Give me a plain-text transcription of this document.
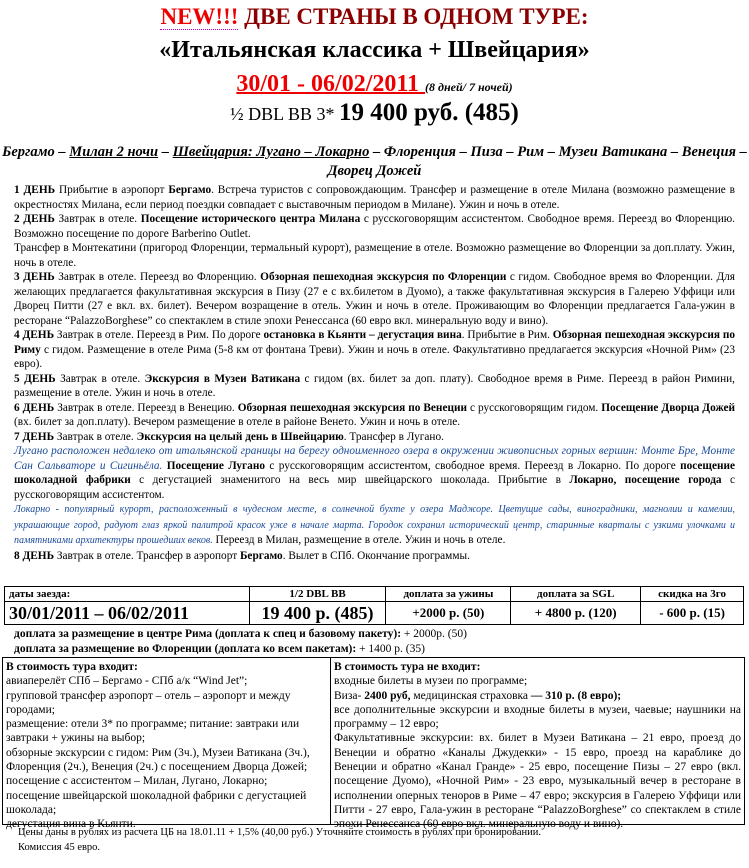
NEW!!! ДВЕ СТРАНЫ В ОДНОМ ТУРЕ:
«Итальянская классика + Швейцария»
30/01 - 06/02/2011 (8 дней/ 7 ночей)
½ DBL BB 3* 19 400 руб. (485)
Бергамо – Милан 2 ночи – Швейцария: Лугано – Локарно – Флоренция – Пиза – Рим – Музеи Ватикана – Венеция – Дворец Дожей

1 ДЕНЬ Прибытие в аэропорт Бергамо. Встреча туристов с сопровождающим. Трансфер и размещение в отеле Милана (возможно размещение в окрестностях Милана, если период поездки совпадает с выставочным периодом в Милане). Ужин и ночь в отеле.

2 ДЕНЬ Завтрак в отеле. Посещение исторического центра Милана с русскоговорящим ассистентом. Свободное время. Переезд во Флоренцию. Возможно посещение по дороге Barberino Outlet.

Трансфер в Монтекатини (пригород Флоренции, термальный курорт), размещение в отеле. Возможно размещение во Флоренции за доп.плату. Ужин, ночь в отеле.

3 ДЕНЬ Завтрак в отеле. Переезд во Флоренцию. Обзорная пешеходная экскурсия по Флоренции с гидом. Свободное время во Флоренции. Для желающих предлагается факультативная экскурсия в Пизу (27 е с вх.билетом в Дуомо), а также факультативная экскурсия в Галерею Уффици или Дворец Питти (27 е вкл. вх. билет). Вечером возращение в отель. Ужин и ночь в отеле. Проживающим во Флоренции предлагается Гала-ужин в ресторане “PalazzoBorghese” со спектаклем в стиле эпохи Ренессанса (60 евро вкл. минеральную воду и вино).

4 ДЕНЬ Завтрак в отеле. Переезд в Рим. По дороге остановка в Кьянти – дегустация вина. Прибытие в Рим. Обзорная пешеходная экскурсия по Риму с гидом. Размещение в отеле Рима (5-8 км от фонтана Треви). Ужин и ночь в отеле. Факультативно предлагается экскурсия «Ночной Рим» (23 евро).

5 ДЕНЬ Завтрак в отеле. Экскурсия в Музеи Ватикана с гидом (вх. билет за доп. плату). Свободное время в Риме. Переезд в район Римини, размещение в отеле. Ужин и ночь в отеле.

6 ДЕНЬ Завтрак в отеле. Переезд в Венецию. Обзорная пешеходная экскурсия по Венеции с русскоговорящим гидом. Посещение Дворца Дожей (вх. билет за доп.плату). Вечером размещение в отеле в районе Венето. Ужин и ночь в отеле.

7 ДЕНЬ Завтрак в отеле. Экскурсия на целый день в Швейцарию. Трансфер в Лугано.

Лугано расположен недалеко от итальянской границы на берегу одноименного озера в окружении живописных горных вершин: Монте Бре, Монте Сан Сальваторе и Сигиньёла. Посещение Лугано с русскоговорящим ассистентом, свободное время. Переезд в Локарно. По дороге посещение шоколадной фабрики с дегустацией знаменитого на весь мир швейцарского шоколада. Прибытие в Локарно, посещение города с русскоговорящим ассистентом.

Локарно - популярный курорт, расположенный в чудесном месте, в солнечной бухте у озера Маджоре. Цветущие сады, виноградники, магнолии и камелии, украшающие город, радуют глаз яркой палитрой красок уже в начале марта. Городок сохранил исторический центр, старинные кварталы с узкими улочками и памятниками архитектуры прошедших веков. Переезд в Милан, размещение в отеле. Ужин и ночь в отеле.

8 ДЕНЬ Завтрак в отеле. Трансфер в аэропорт Бергамо. Вылет в СПб. Окончание программы.

даты заезда:	1/2 DBL BB	доплата за ужины	доплата за SGL	скидка на 3го
30/01/2011 – 06/02/2011	19 400 р. (485)	+2000 р. (50)	+ 4800 р. (120)	- 600 р. (15)
доплата за размещение в центре Рима (доплата к спец и базовому пакету): + 2000р. (50)
доплата за размещение во Флоренции (доплата ко всем пакетам): + 1400 р. (35)
В стоимость тура входит:
авиаперелёт СПб – Бергамо - СПб а/к “Wind Jet”;
групповой трансфер аэропорт – отель – аэропорт и между городами;
размещение: отели 3* по программе; питание: завтраки или завтраки + ужины на выбор;
обзорные экскурсии с гидом: Рим (3ч.), Музеи Ватикана (3ч.), Флоренция (2ч.), Венеция (2ч.) с посещением Дворца Дожей;
посещение с ассистентом – Милан, Лугано, Локарно;
посещение швейцарской шоколадной фабрики с дегустацией шоколада;
дегустация вина в Кьянти.
В стоимость тура не входит:
входные билеты в музеи по программе;
Виза- 2400 руб, медицинская страховка — 310 р. (8 евро);
все дополнительные экскурсии и входные билеты в музеи, чаевые; наушники на программу – 12 евро;
Факультативные экскурсии: вх. билет в Музеи Ватикана – 21 евро, проезд до Венеции и обратно «Каналы Джудекки» - 15 евро, проезд на караблике до Венеции и обратно «Канал Гранде» - 25 евро, посещение Пизы – 27 евро (вкл. посещение Дуомо), «Ночной Рим» - 23 евро, музыкальный вечер в ресторане в исполнении оперных теноров в Риме – 47 евро; экскурсия в Галерею Уффици или Питти - 27 евро, Гала-ужин в ресторане “PalazzoBorghese” со спектаклем в стиле эпохи Ренессанса (60 евро вкл. минеральную воду и вино).
Цены даны в рублях из расчета ЦБ на 18.01.11 + 1,5% (40,00 руб.) Уточняйте стоимость в рублях при бронировании.
Комиссия 45 евро.
